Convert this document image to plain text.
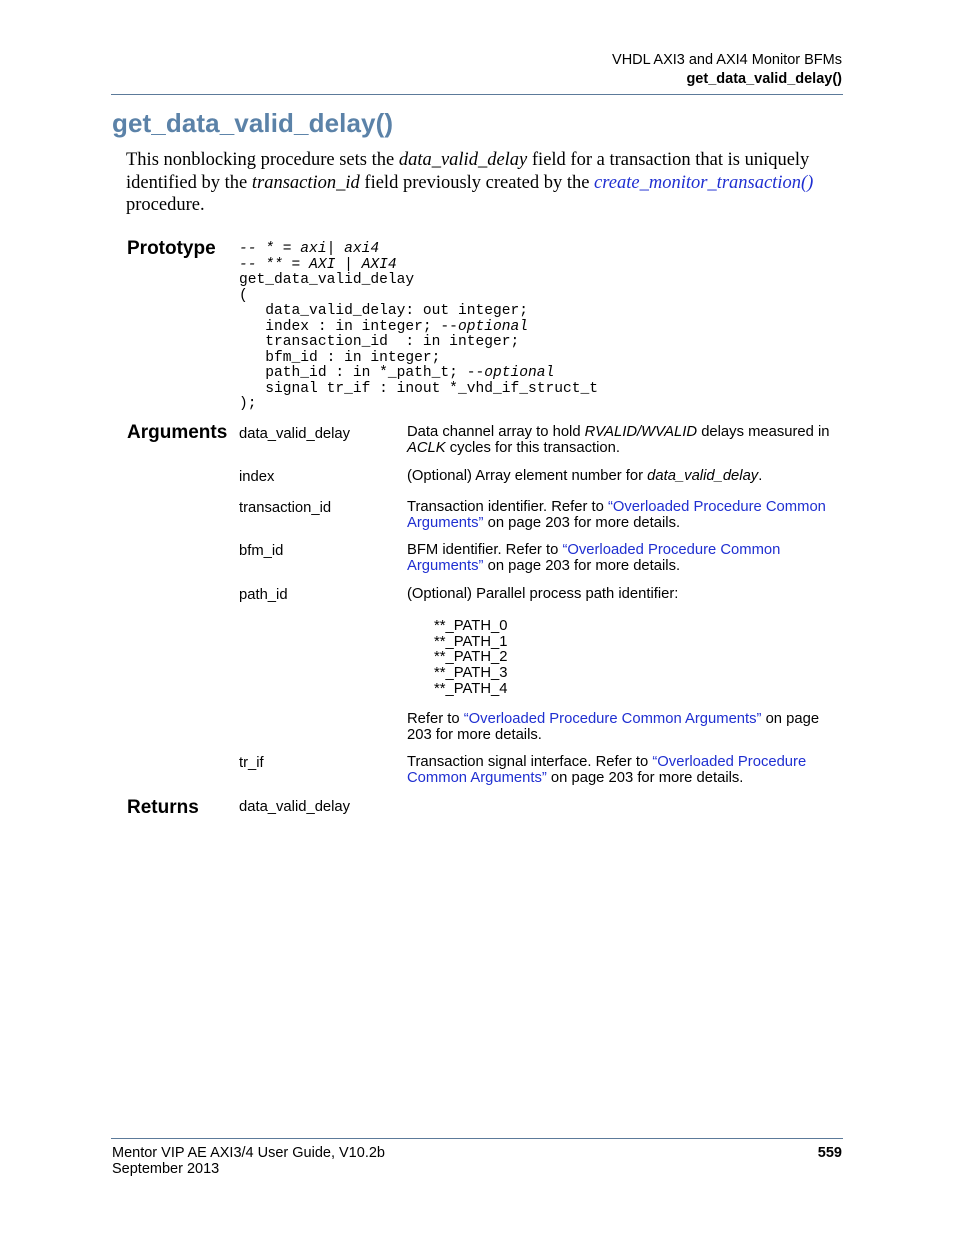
VHDL AXI3 and AXI4 Monitor BFMs
get_data_valid_delay()
get_data_valid_delay()
This nonblocking procedure sets the data_valid_delay field for a transaction that is uniquely identified by the transaction_id field previously created by the create_monitor_transaction() procedure.
Prototype -- * = axi| axi4
-- ** = AXI | AXI4
get_data_valid_delay
(
data_valid_delay: out integer;
index : in integer; --optional
transaction_id  : in integer;
bfm_id : in integer;
path_id : in *_path_t; --optional
signal tr_if : inout *_vhd_if_struct_t
);
Arguments data_valid_delay	Data channel array to hold RVALID/WVALID delays measured in ACLK cycles for this transaction.
index	(Optional) Array element number for data_valid_delay.
transaction_id	Transaction identifier. Refer to “Overloaded Procedure Common Arguments” on page 203 for more details.
bfm_id	BFM identifier. Refer to “Overloaded Procedure Common Arguments” on page 203 for more details.
path_id	(Optional) Parallel process path identifier:
**_PATH_0
**_PATH_1
**_PATH_2
**_PATH_3
**_PATH_4
Refer to “Overloaded Procedure Common Arguments” on page 203 for more details.
tr_if	Transaction signal interface. Refer to “Overloaded Procedure Common Arguments” on page 203 for more details.
Returns	data_valid_delay
Mentor VIP AE AXI3/4 User Guide, V10.2b
September 2013
559
